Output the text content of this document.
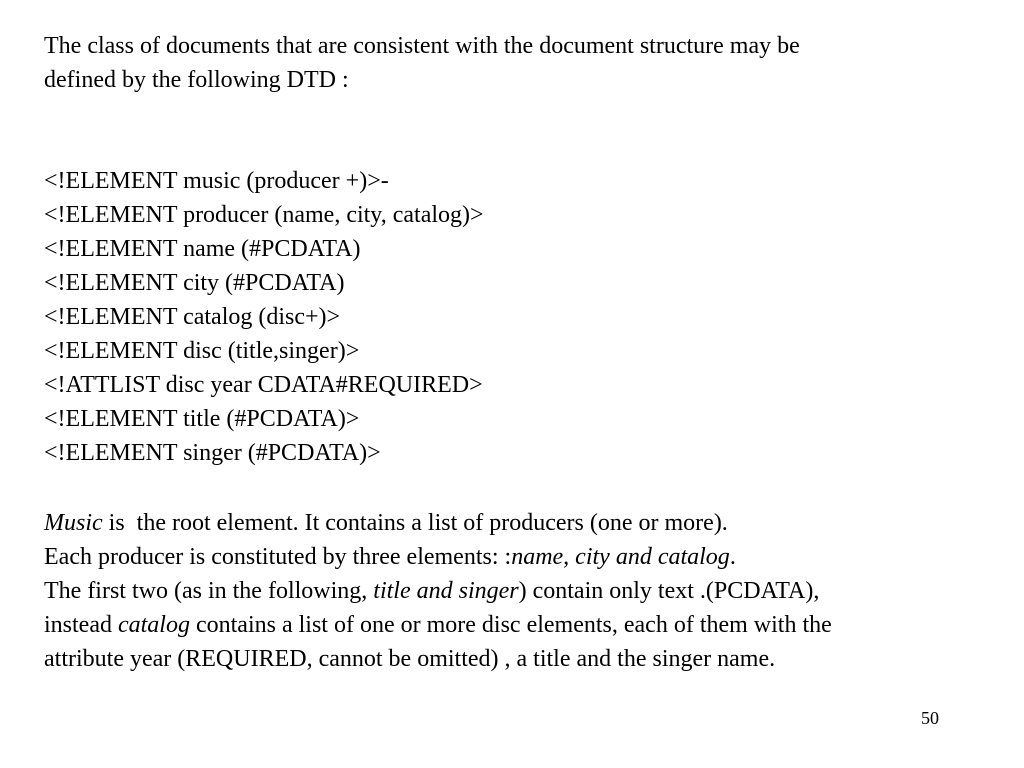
The class of documents that are consistent with the document structure may be
defined by the following DTD :
<!ELEMENT music (producer +)>-
<!ELEMENT producer (name, city, catalog)>
<!ELEMENT name (#PCDATA)
<!ELEMENT city (#PCDATA)
<!ELEMENT catalog (disc+)>
<!ELEMENT disc (title,singer)>
<!ATTLIST disc year CDATA#REQUIRED>
<!ELEMENT title (#PCDATA)>
<!ELEMENT singer (#PCDATA)>

Music is  the root element. It contains a list of producers (one or more).

Each producer is constituted by three elements: :name, city and catalog.

The first two (as in the following, title and singer) contain only text .(PCDATA),

instead catalog contains a list of one or more disc elements, each of them with the

attribute year (REQUIRED, cannot be omitted) , a title and the singer name.

50
